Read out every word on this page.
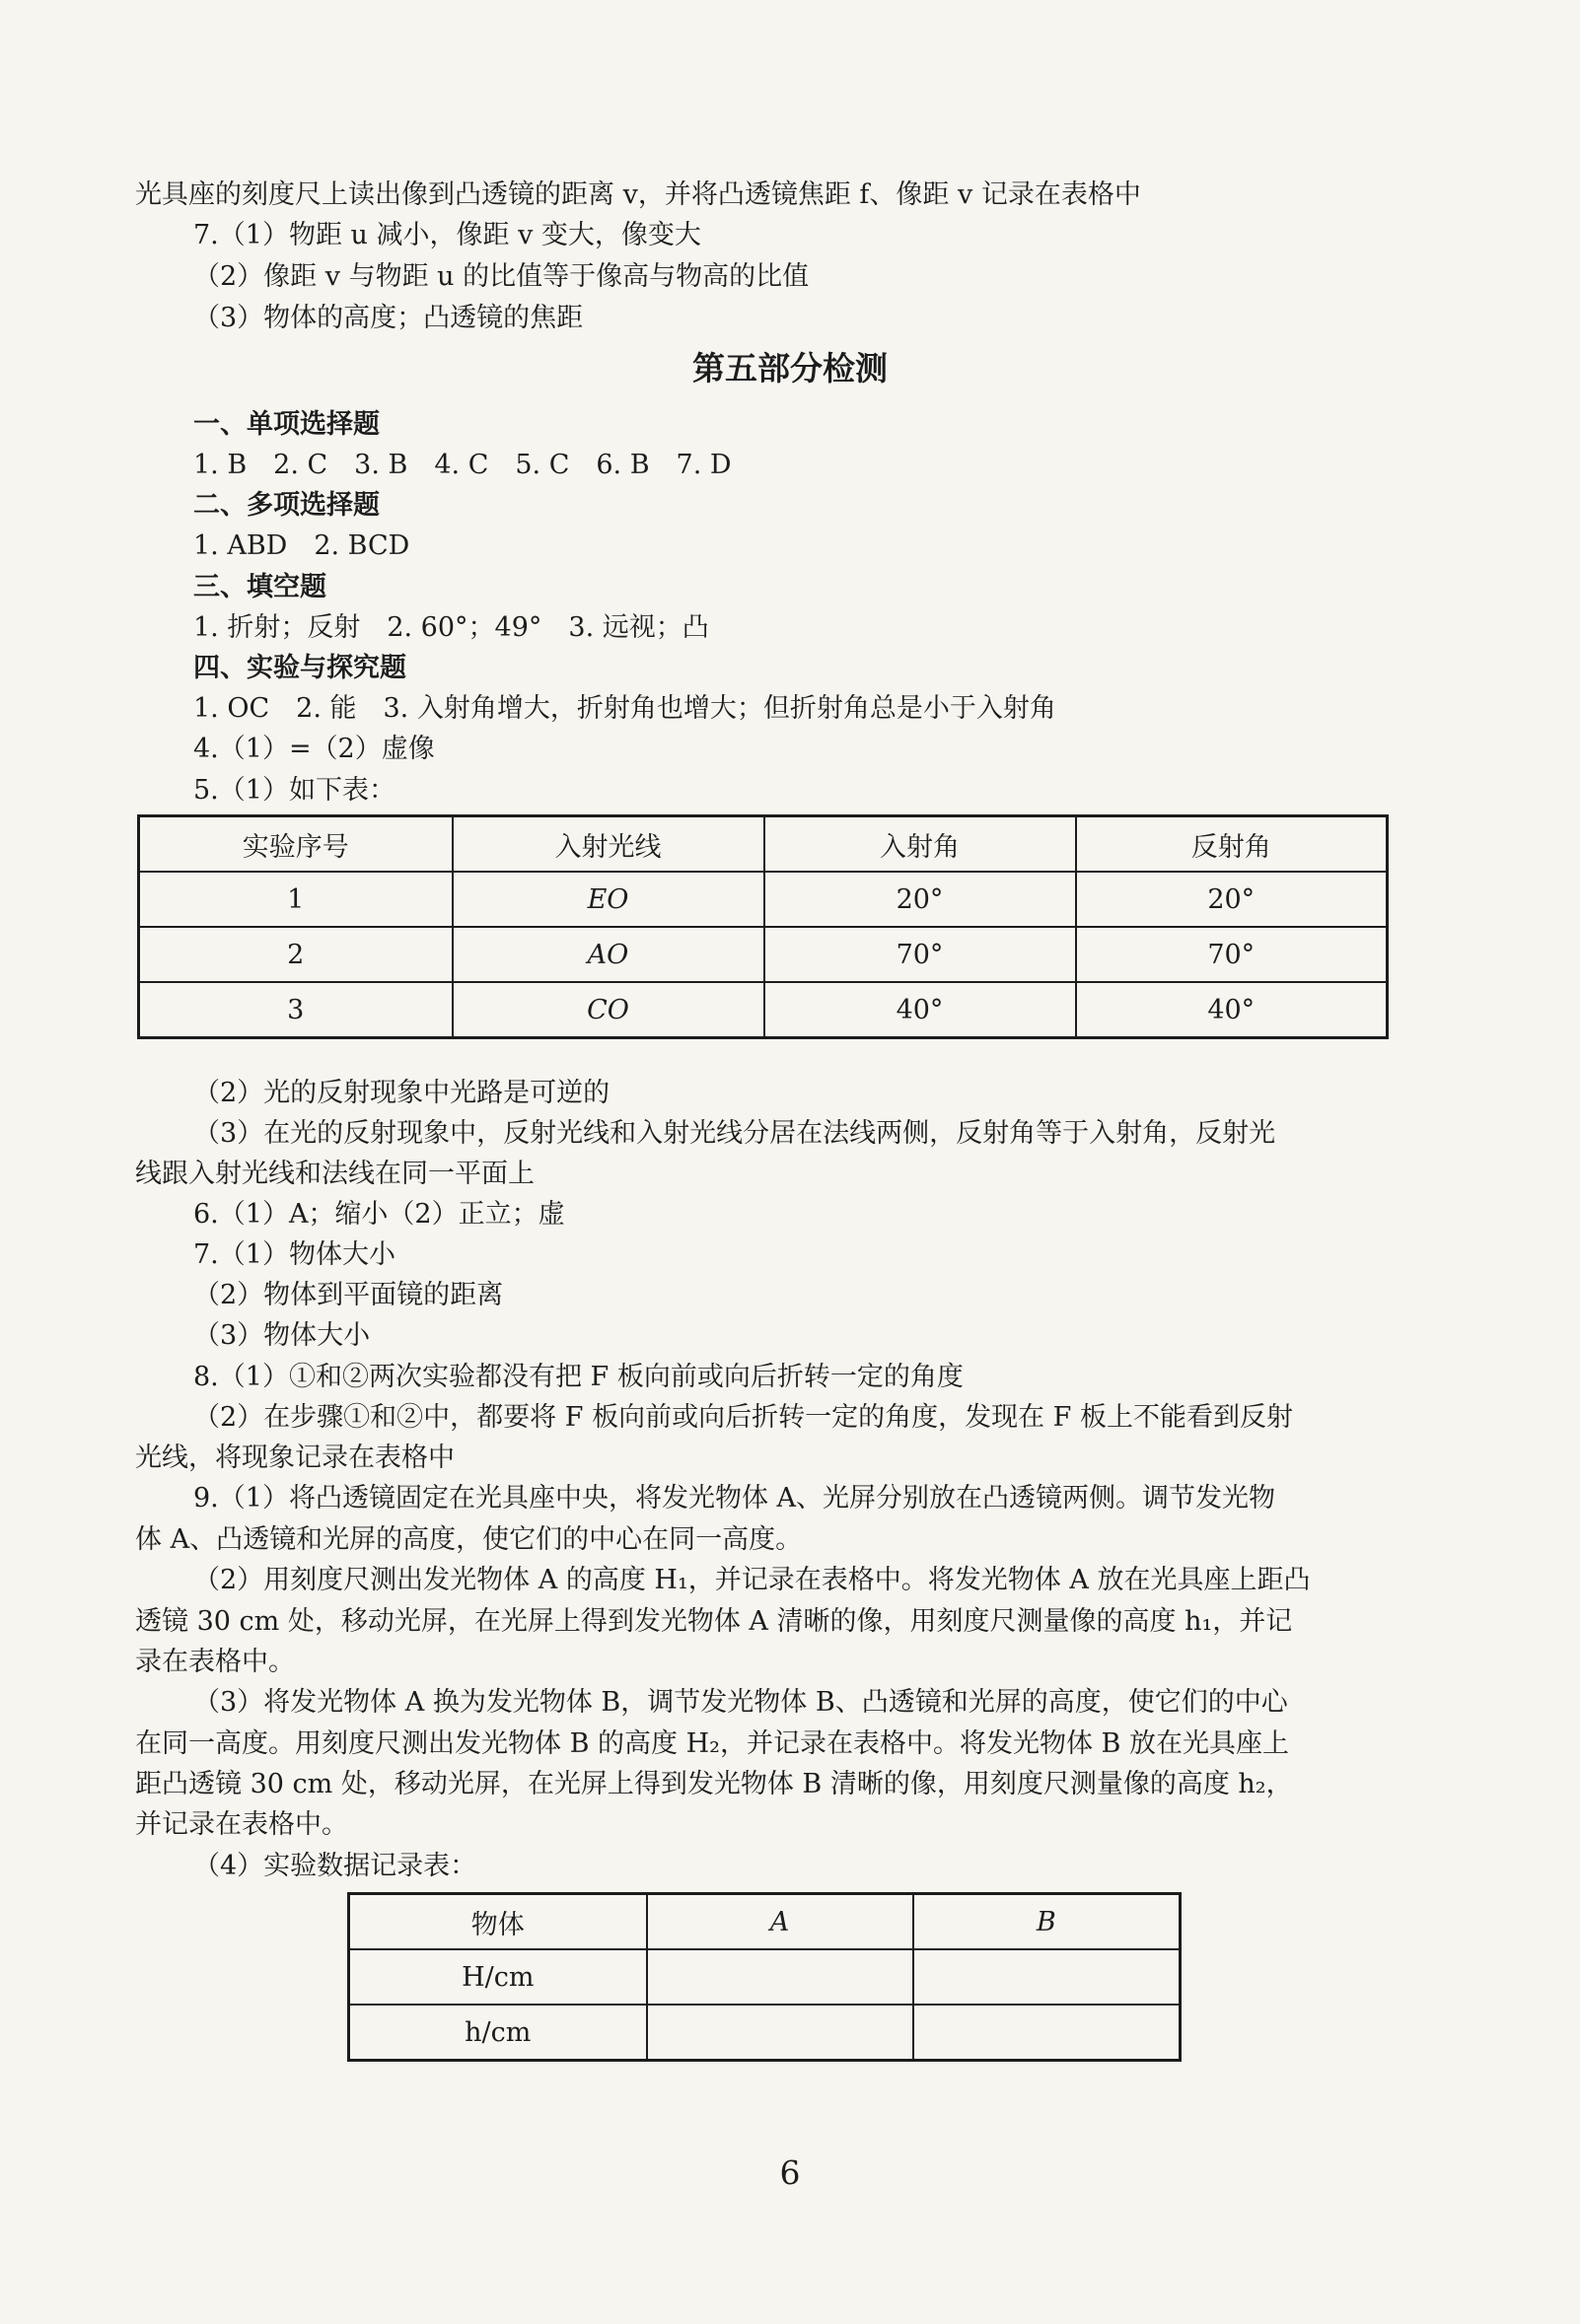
光具座的刻度尺上读出像到凸透镜的距离 v，并将凸透镜焦距 f、像距 v 记录在表格中
7.（1）物距 u 减小，像距 v 变大，像变大
（2）像距 v 与物距 u 的比值等于像高与物高的比值
（3）物体的高度；凸透镜的焦距
第五部分检测
一、单项选择题
1. B　2. C　3. B　4. C　5. C　6. B　7. D
二、多项选择题
1. ABD　2. BCD
三、填空题
1. 折射；反射　2. 60°；49°　3. 远视；凸
四、实验与探究题
1. OC　2. 能　3. 入射角增大，折射角也增大；但折射角总是小于入射角
4.（1）=（2）虚像
5.（1）如下表：
实验序号	入射光线	入射角	反射角
1	EO	20°	20°
2	AO	70°	70°
3	CO	40°	40°
（2）光的反射现象中光路是可逆的
（3）在光的反射现象中，反射光线和入射光线分居在法线两侧，反射角等于入射角，反射光
线跟入射光线和法线在同一平面上
6.（1）A；缩小（2）正立；虚
7.（1）物体大小
（2）物体到平面镜的距离
（3）物体大小
8.（1）①和②两次实验都没有把 F 板向前或向后折转一定的角度
（2）在步骤①和②中，都要将 F 板向前或向后折转一定的角度，发现在 F 板上不能看到反射
光线，将现象记录在表格中
9.（1）将凸透镜固定在光具座中央，将发光物体 A、光屏分别放在凸透镜两侧。调节发光物
体 A、凸透镜和光屏的高度，使它们的中心在同一高度。
（2）用刻度尺测出发光物体 A 的高度 H₁，并记录在表格中。将发光物体 A 放在光具座上距凸
透镜 30 cm 处，移动光屏，在光屏上得到发光物体 A 清晰的像，用刻度尺测量像的高度 h₁，并记
录在表格中。
（3）将发光物体 A 换为发光物体 B，调节发光物体 B、凸透镜和光屏的高度，使它们的中心
在同一高度。用刻度尺测出发光物体 B 的高度 H₂，并记录在表格中。将发光物体 B 放在光具座上
距凸透镜 30 cm 处，移动光屏，在光屏上得到发光物体 B 清晰的像，用刻度尺测量像的高度 h₂，
并记录在表格中。
（4）实验数据记录表：
物体	A	B
H/cm		
h/cm		
6
